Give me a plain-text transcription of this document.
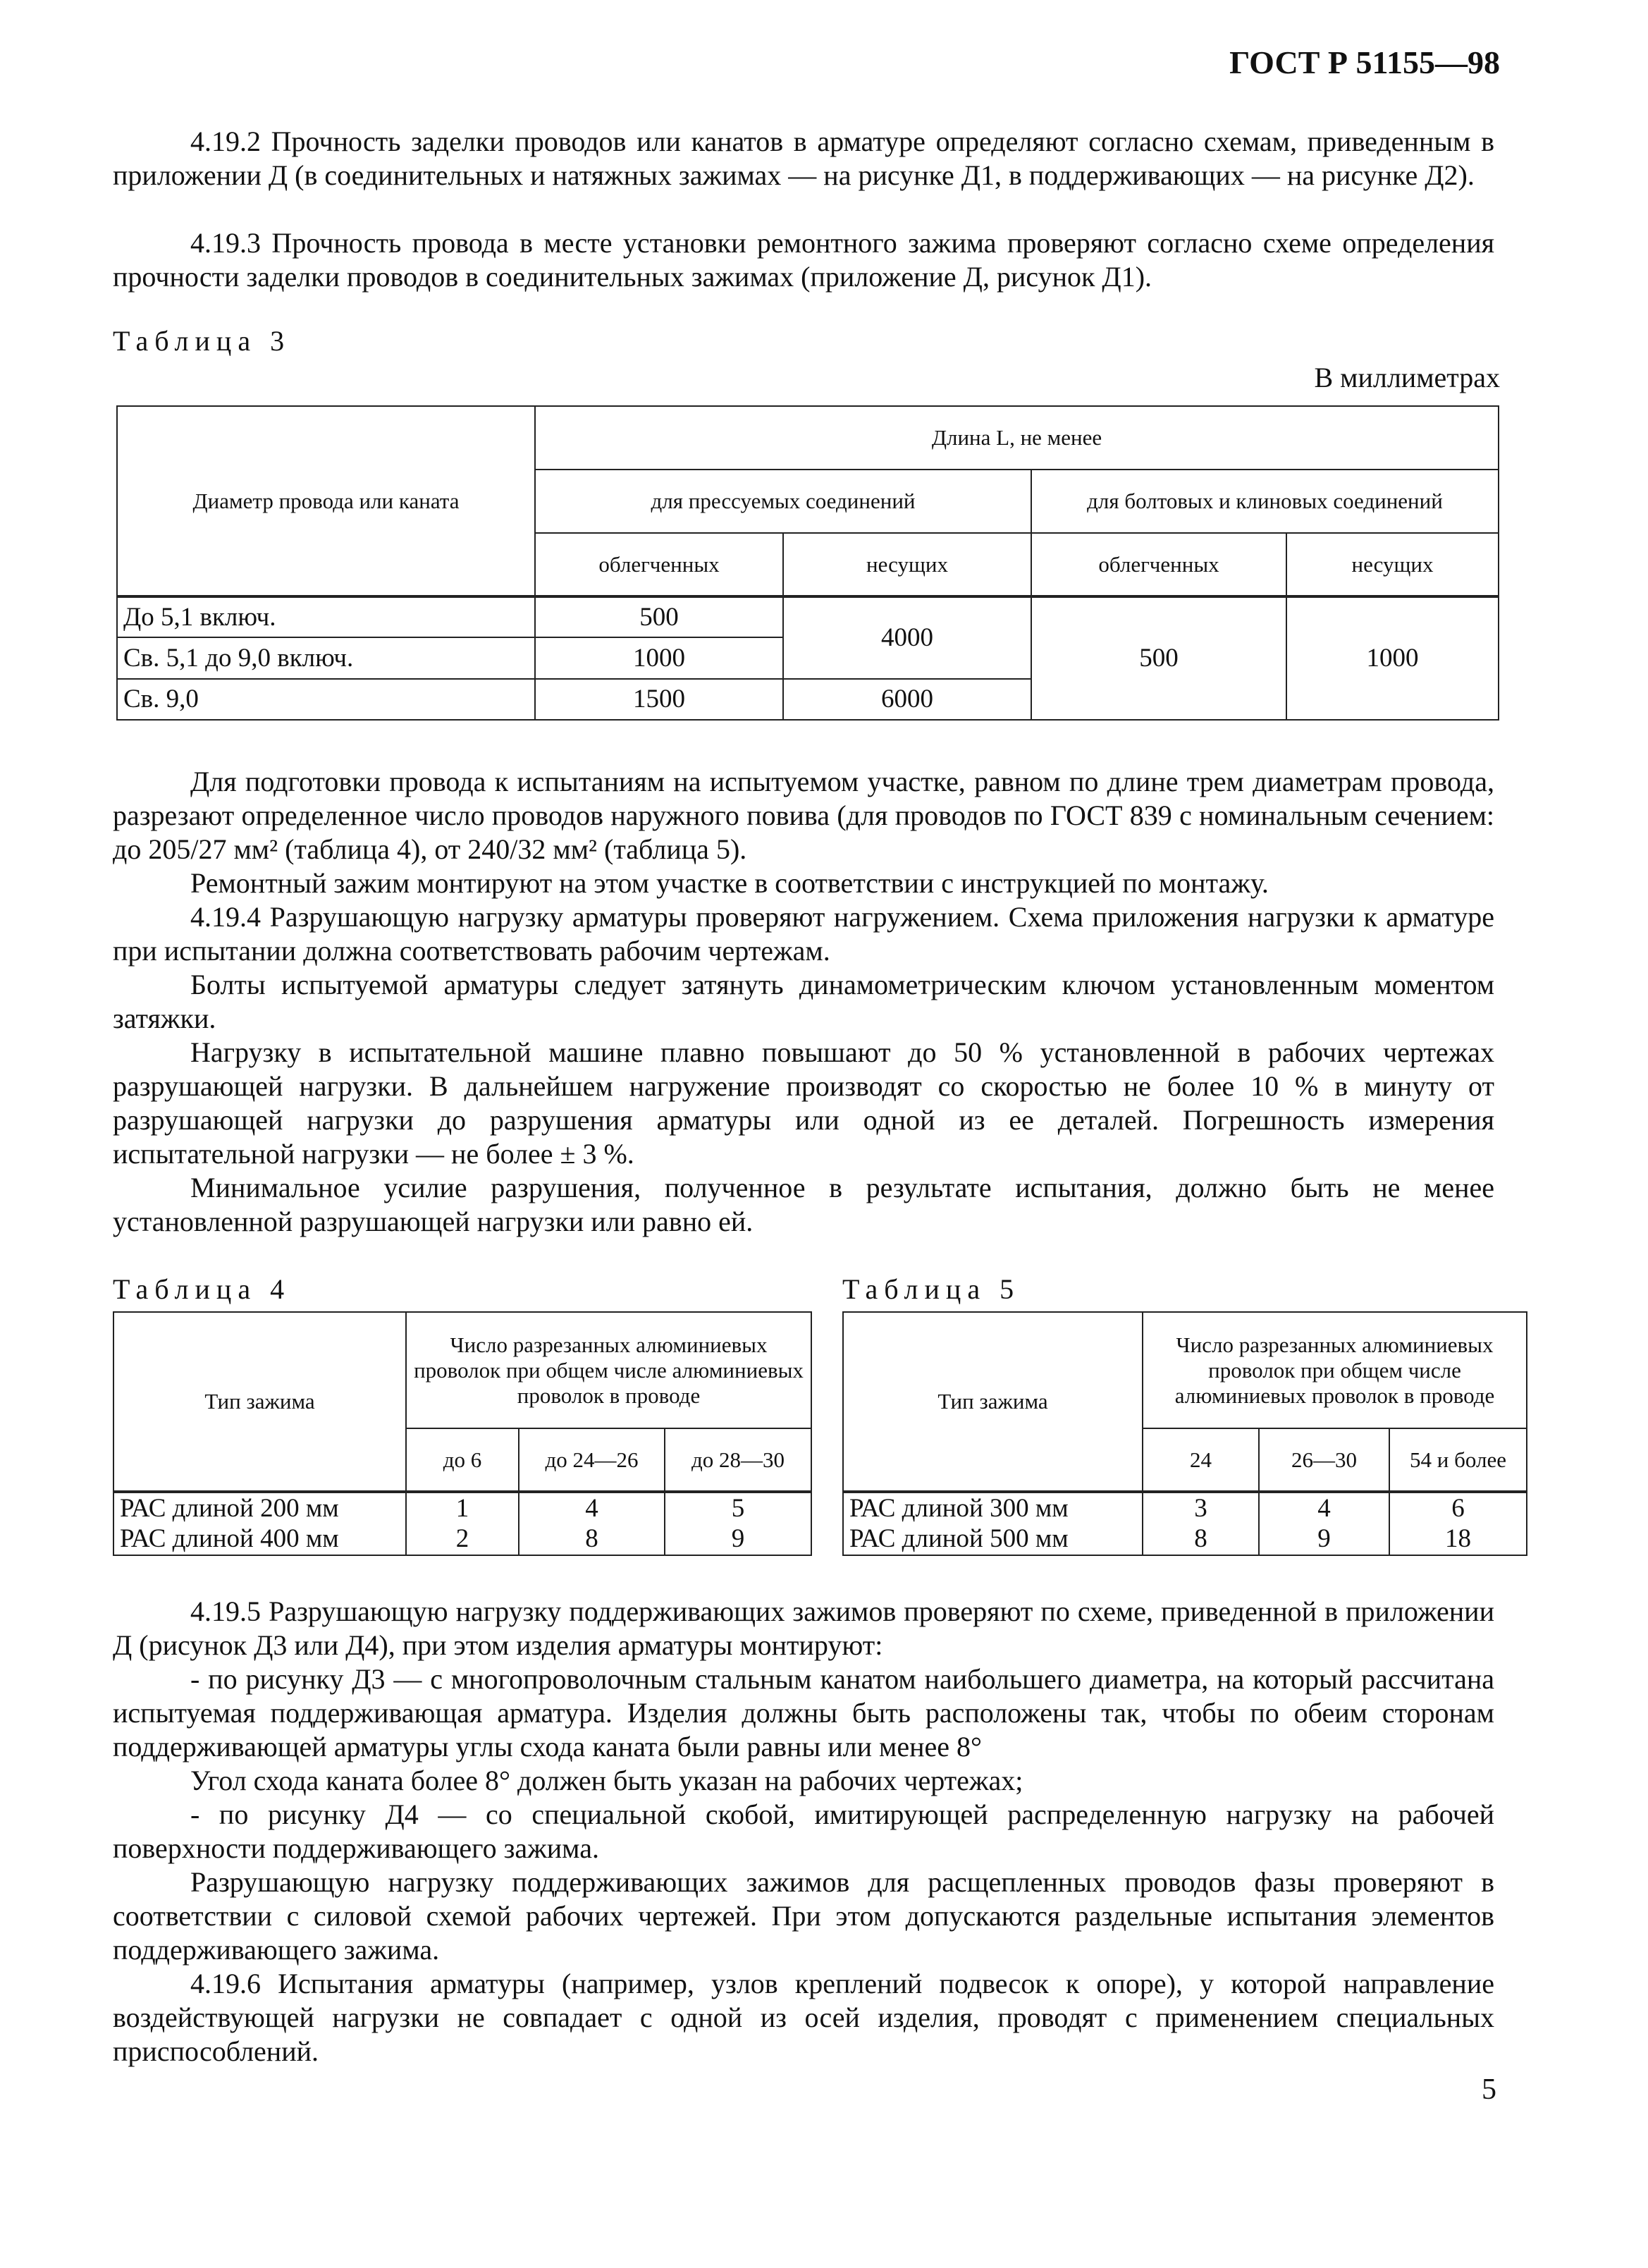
ГОСТ Р 51155—98

4.19.2 Прочность заделки проводов или канатов в арматуре определяют согласно схемам, приведенным в приложении Д (в соединительных и натяжных зажимах — на рисунке Д1, в поддерживающих — на рисунке Д2).

4.19.3 Прочность провода в месте установки ремонтного зажима проверяют согласно схеме определения прочности заделки проводов в соединительных зажимах (приложение Д, рисунок Д1).

Таблица 3
В миллиметрах
Диаметр провода или каната	Длина L, не менее			
	для прессуемых соединений		для болтовых и клиновых соединений	
	облегченных	несущих	облегченных	несущих
До 5,1 включ.	500	4000	500	1000
Св. 5,1 до 9,0 включ.	1000			
Св. 9,0	1500	6000		

Для подготовки провода к испытаниям на испытуемом участке, равном по длине трем диаметрам провода, разрезают определенное число проводов наружного повива (для проводов по ГОСТ 839 с номинальным сечением: до 205/27 мм² (таблица 4), от 240/32 мм² (таблица 5).

Ремонтный зажим монтируют на этом участке в соответствии с инструкцией по монтажу.

4.19.4 Разрушающую нагрузку арматуры проверяют нагружением. Схема приложения нагрузки к арматуре при испытании должна соответствовать рабочим чертежам.

Болты испытуемой арматуры следует затянуть динамометрическим ключом установленным моментом затяжки.

Нагрузку в испытательной машине плавно повышают до 50 % установленной в рабочих чертежах разрушающей нагрузки. В дальнейшем нагружение производят со скоростью не более 10 % в минуту от разрушающей нагрузки до разрушения арматуры или одной из ее деталей. Погрешность измерения испытательной нагрузки — не более ± 3 %.

Минимальное усилие разрушения, полученное в результате испытания, должно быть не менее установленной разрушающей нагрузки или равно ей.

Таблица 4
Тип зажима	Число разрезанных алюминиевых проволок при общем числе алюминиевых проволок в проводе		
	до 6	до 24—26	до 28—30
РАС длиной 200 мм	1	4	5
РАС длиной 400 мм	2	8	9
Таблица 5
Тип зажима	Число разрезанных алюминиевых проволок при общем числе алюминиевых проволок в проводе		
	24	26—30	54 и более
РАС длиной 300 мм	3	4	6
РАС длиной 500 мм	8	9	18

4.19.5 Разрушающую нагрузку поддерживающих зажимов проверяют по схеме, приведенной в приложении Д (рисунок Д3 или Д4), при этом изделия арматуры монтируют:

- по рисунку Д3 — с многопроволочным стальным канатом наибольшего диаметра, на который рассчитана испытуемая поддерживающая арматура. Изделия должны быть расположены так, чтобы по обеим сторонам поддерживающей арматуры углы схода каната были равны или менее 8°

Угол схода каната более 8° должен быть указан на рабочих чертежах;

- по рисунку Д4 — со специальной скобой, имитирующей распределенную нагрузку на рабочей поверхности поддерживающего зажима.

Разрушающую нагрузку поддерживающих зажимов для расщепленных проводов фазы проверяют в соответствии с силовой схемой рабочих чертежей. При этом допускаются раздельные испытания элементов поддерживающего зажима.

4.19.6 Испытания арматуры (например, узлов креплений подвесок к опоре), у которой направление воздействующей нагрузки не совпадает с одной из осей изделия, проводят с применением специальных приспособлений.

5
